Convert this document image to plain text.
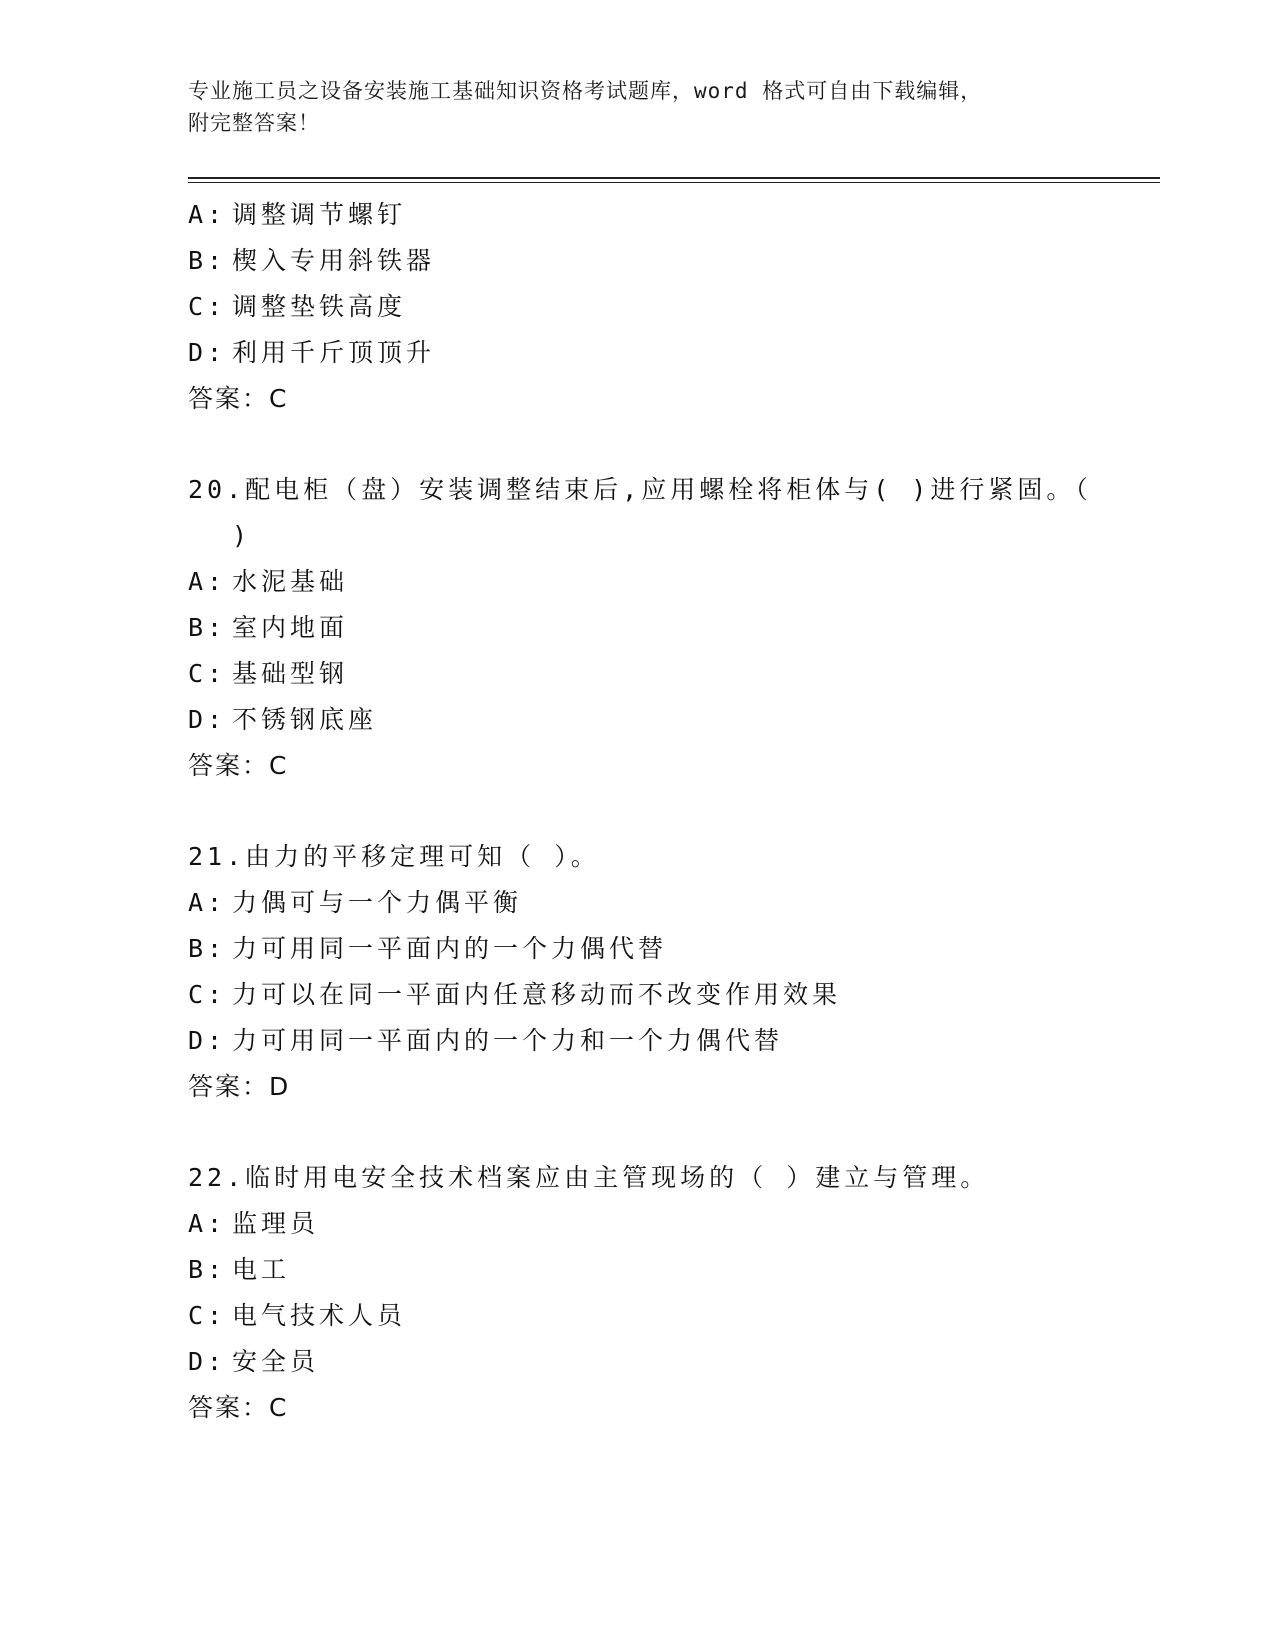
专业施工员之设备安装施工基础知识资格考试题库，word 格式可自由下载编辑，
附完整答案！
A: 调整调节螺钉
B: 楔入专用斜铁器
C: 调整垫铁高度
D: 利用千斤顶顶升
答案：C
20.配电柜（盘）安装调整结束后,应用螺栓将柜体与( )进行紧固。（
)
A: 水泥基础
B: 室内地面
C: 基础型钢
D: 不锈钢底座
答案：C
21.由力的平移定理可知（ ）。
A: 力偶可与一个力偶平衡
B: 力可用同一平面内的一个力偶代替
C: 力可以在同一平面内任意移动而不改变作用效果
D: 力可用同一平面内的一个力和一个力偶代替
答案：D
22.临时用电安全技术档案应由主管现场的（ ）建立与管理。
A: 监理员
B: 电工
C: 电气技术人员
D: 安全员
答案：C
